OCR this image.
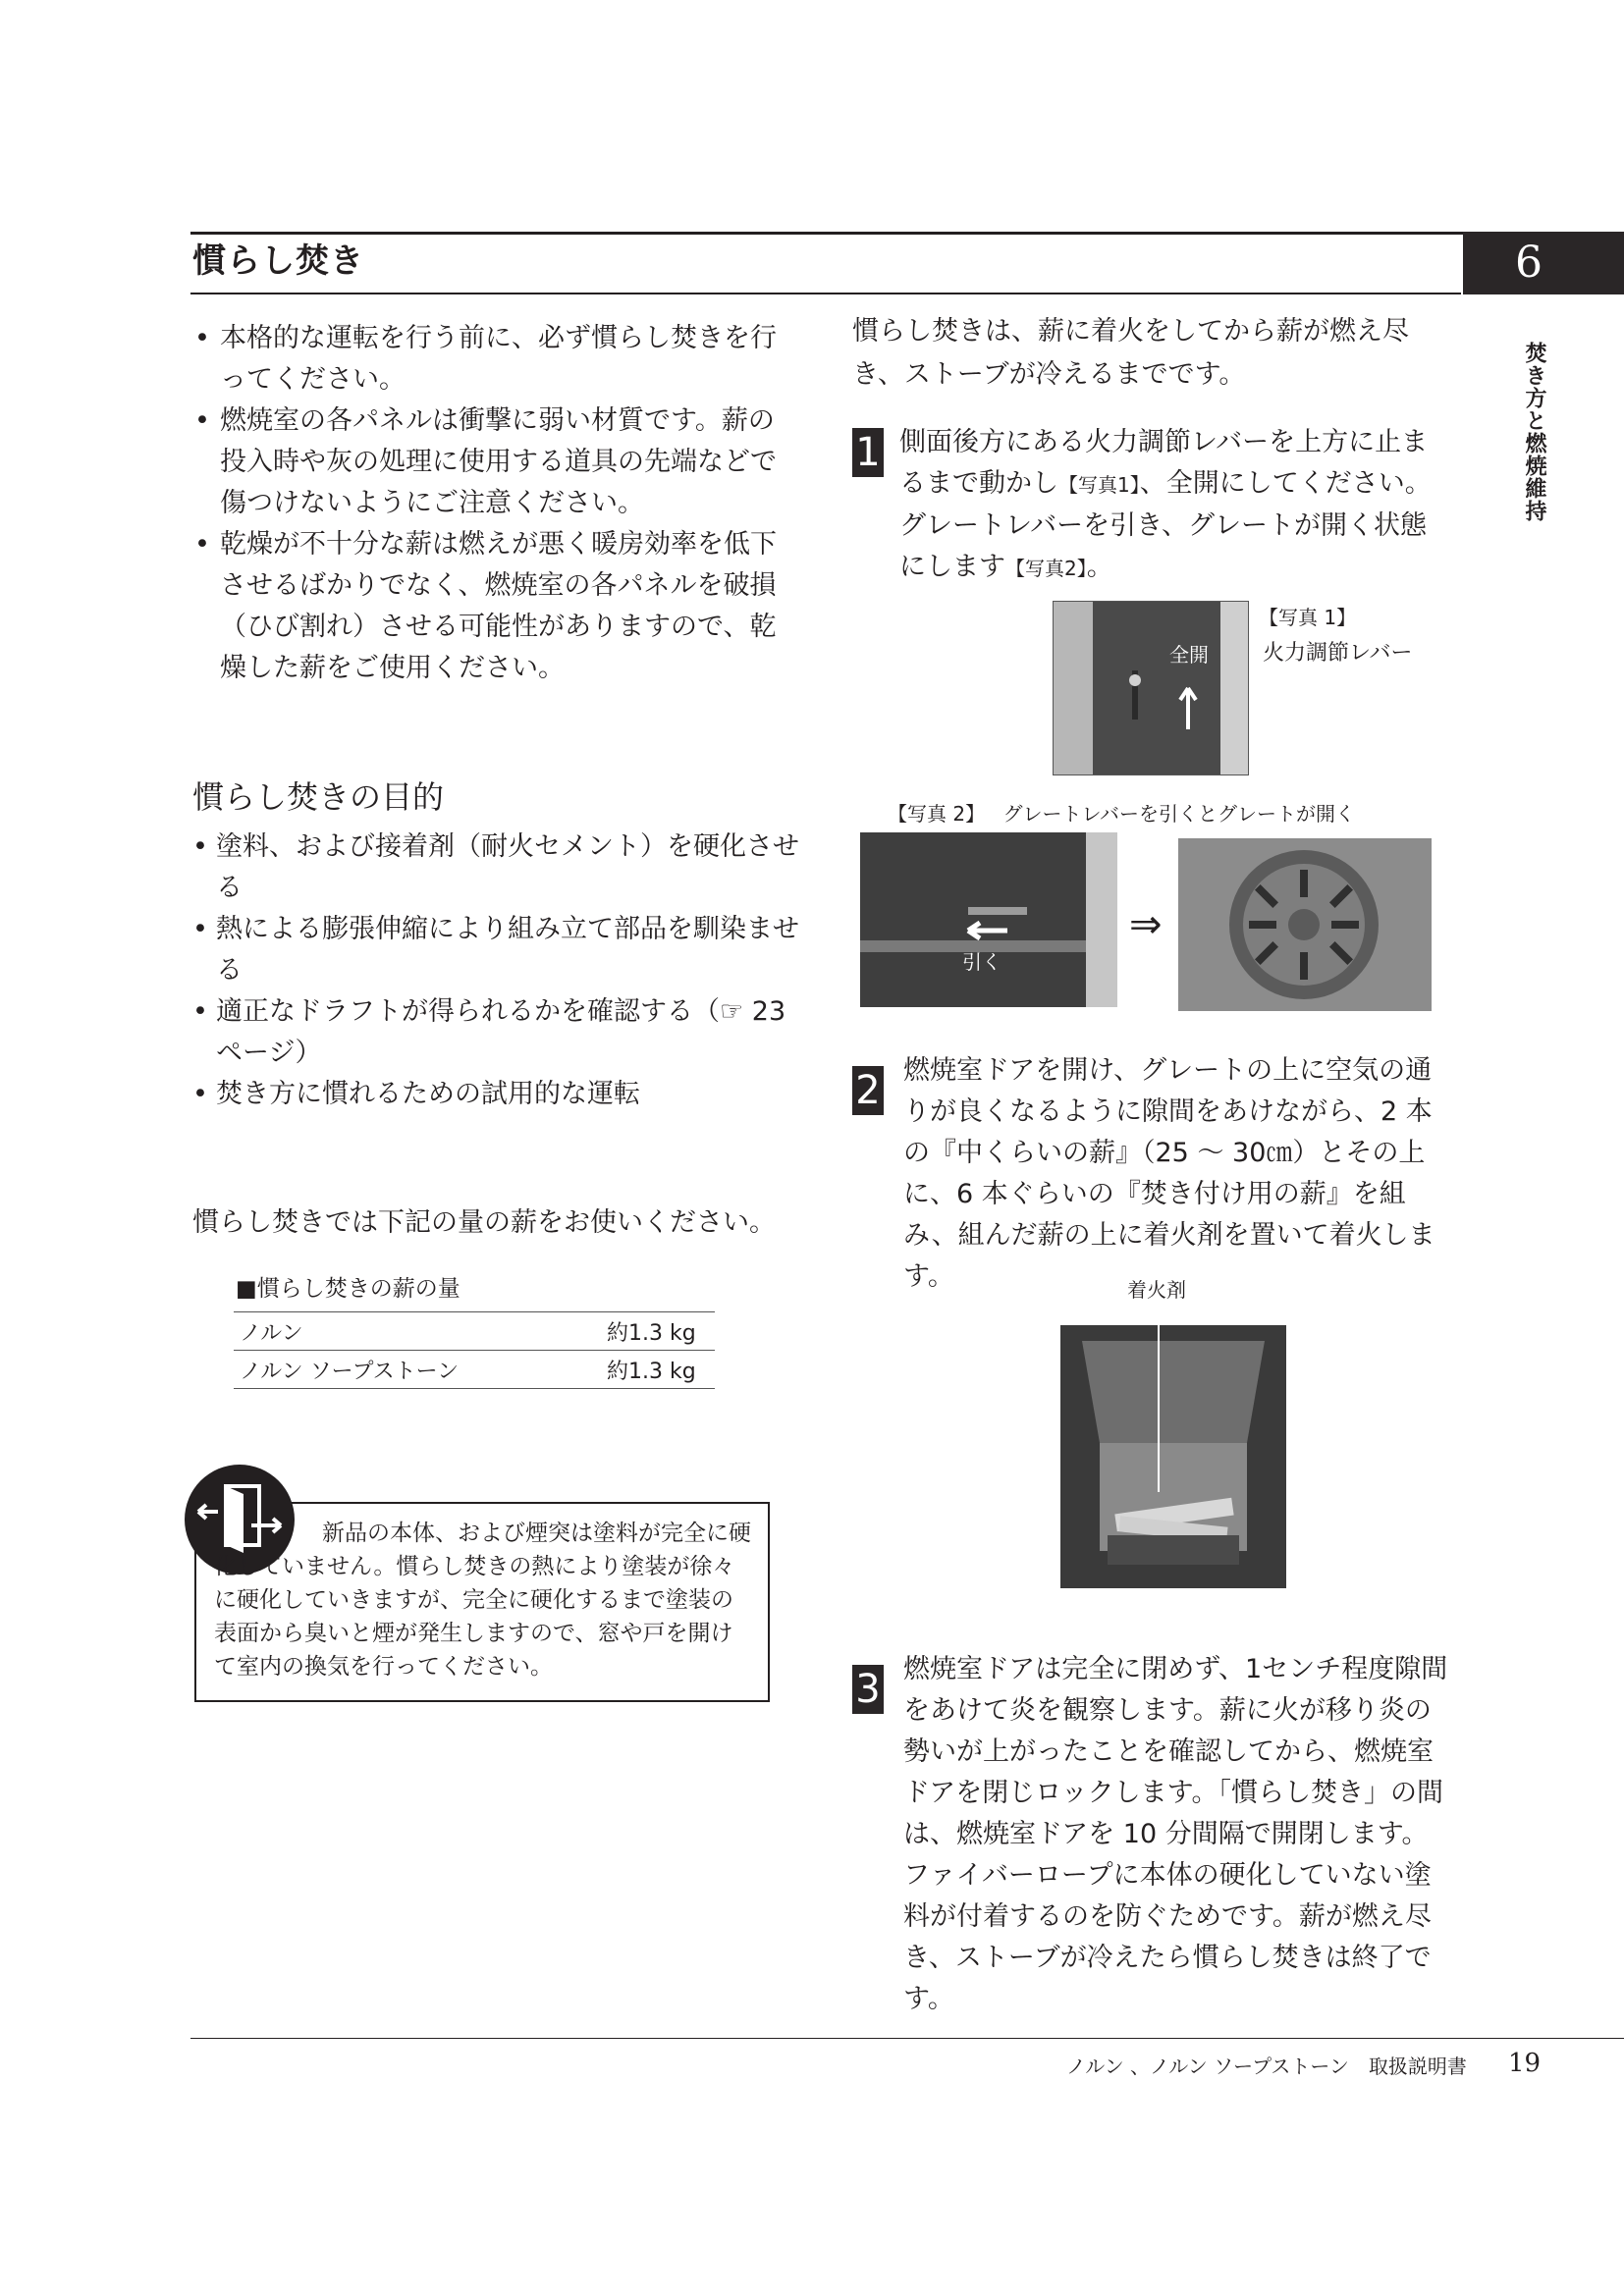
慣らし焚き	6
焚き方と燃焼維持
• 本格的な運転を行う前に、必ず慣らし焚きを行ってください。
• 燃焼室の各パネルは衝撃に弱い材質です。薪の投入時や灰の処理に使用する道具の先端などで傷つけないようにご注意ください。
• 乾燥が不十分な薪は燃えが悪く暖房効率を低下させるばかりでなく、燃焼室の各パネルを破損（ひび割れ）させる可能性がありますので、乾燥した薪をご使用ください。
慣らし焚きの目的
• 塗料、および接着剤（耐火セメント）を硬化させる
• 熱による膨張伸縮により組み立て部品を馴染ませる
• 適正なドラフトが得られるかを確認する（☞ 23 ページ）
• 焚き方に慣れるための試用的な運転
慣らし焚きでは下記の量の薪をお使いください。
■慣らし焚きの薪の量
ノルン	約1.3 kg
ノルン ソープストーン	約1.3 kg
新品の本体、および煙突は塗料が完全に硬化していません。慣らし焚きの熱により塗装が徐々に硬化していきますが、完全に硬化するまで塗装の表面から臭いと煙が発生しますので、窓や戸を開けて室内の換気を行ってください。
慣らし焚きは、薪に着火をしてから薪が燃え尽き、ストーブが冷えるまでです。
1 側面後方にある火力調節レバーを上方に止まるまで動かし【写真1】、全開にしてください。
グレートレバーを引き、グレートが開く状態にします【写真2】。
全開
【写真 1】
火力調節レバー
【写真 2】 グレートレバーを引くとグレートが開く
引く
⇒
2 燃焼室ドアを開け、グレートの上に空気の通りが良くなるように隙間をあけながら、2 本の『中くらいの薪』（25 ～ 30㎝）とその上に、6 本ぐらいの『焚き付け用の薪』を組み、組んだ薪の上に着火剤を置いて着火します。	着火剤
3 燃焼室ドアは完全に閉めず、1センチ程度隙間をあけて炎を観察します。薪に火が移り炎の勢いが上がったことを確認してから、燃焼室ドアを閉じロックします。「慣らし焚き」の間は、燃焼室ドアを 10 分間隔で開閉します。ファイバーロープに本体の硬化していない塗料が付着するのを防ぐためです。薪が燃え尽き、ストーブが冷えたら慣らし焚きは終了です。
ノルン 、ノルン ソープストーン　取扱説明書 19
